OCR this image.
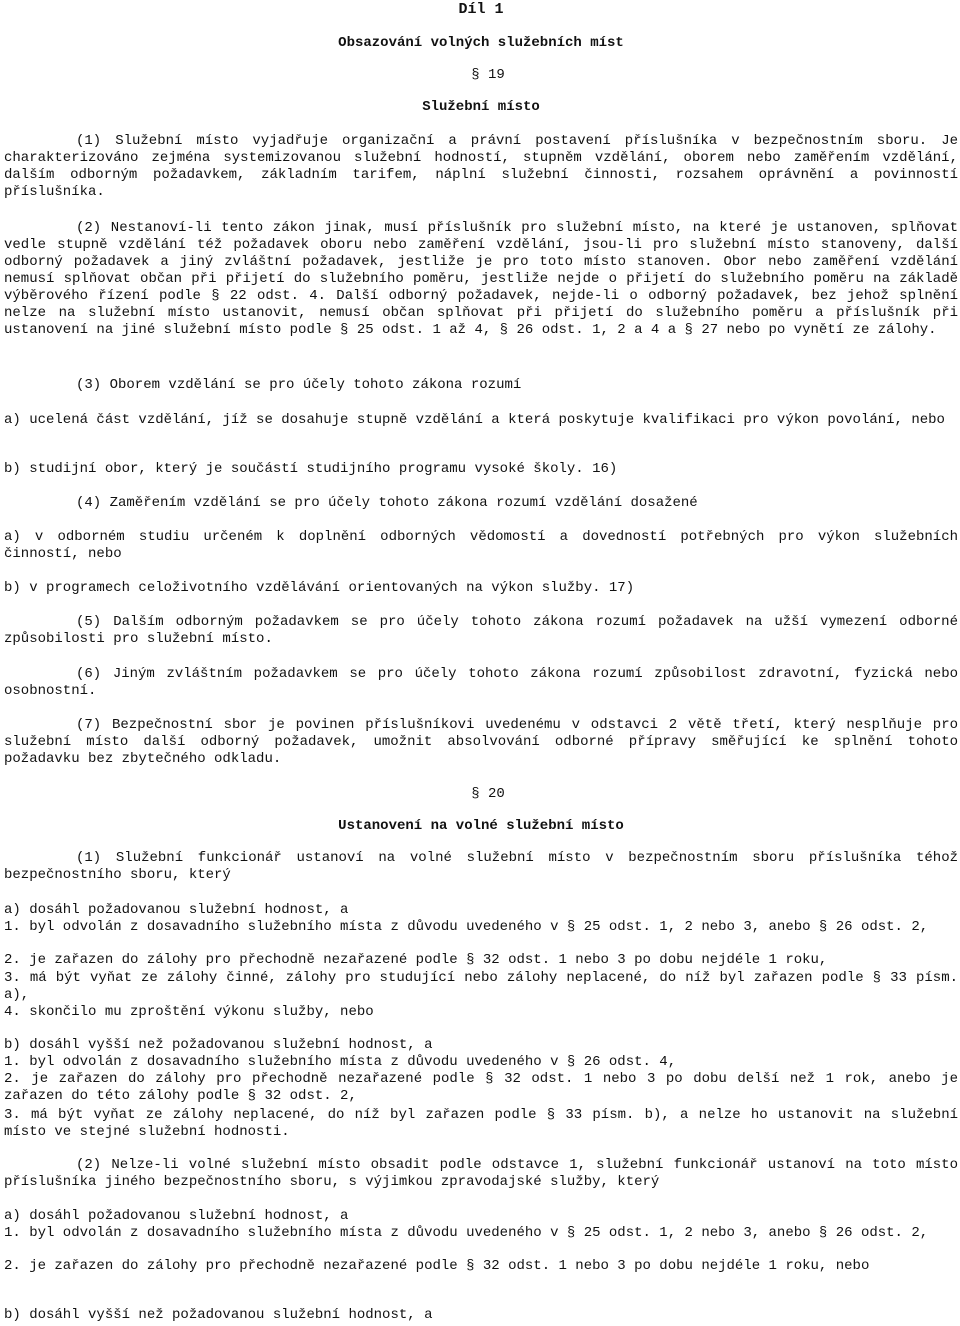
Díl 1
Obsazování volných služebních míst
§ 19
Služební místo

(1) Služební místo vyjadřuje organizační a právní postavení příslušníka v bezpečnostním sboru. Je charakterizováno zejména systemizovanou služební hodností, stupněm vzdělání, oborem nebo zaměřením vzdělání, dalším odborným požadavkem, základním tarifem, náplní služební činnosti, rozsahem oprávnění a povinností příslušníka.

(2) Nestanoví-li tento zákon jinak, musí příslušník pro služební místo, na které je ustanoven, splňovat vedle stupně vzdělání též požadavek oboru nebo zaměření vzdělání, jsou-li pro služební místo stanoveny, další odborný požadavek a jiný zvláštní požadavek, jestliže je pro toto místo stanoven. Obor nebo zaměření vzdělání nemusí splňovat občan při přijetí do služebního poměru, jestliže nejde o přijetí do služebního poměru na základě výběrového řízení podle § 22 odst. 4. Další odborný požadavek, nejde-li o odborný požadavek, bez jehož splnění nelze na služební místo ustanovit, nemusí občan splňovat při přijetí do služebního poměru a příslušník při ustanovení na jiné služební místo podle § 25 odst. 1 až 4, § 26 odst. 1, 2 a 4 a § 27 nebo po vynětí ze zálohy.

(3) Oborem vzdělání se pro účely tohoto zákona rozumí

a) ucelená část vzdělání, jíž se dosahuje stupně vzdělání a která poskytuje kvalifikaci pro výkon povolání, nebo

b) studijní obor, který je součástí studijního programu vysoké školy. 16)

(4) Zaměřením vzdělání se pro účely tohoto zákona rozumí vzdělání dosažené

a) v odborném studiu určeném k doplnění odborných vědomostí a dovedností potřebných pro výkon služebních činností, nebo

b) v programech celoživotního vzdělávání orientovaných na výkon služby. 17)

(5) Dalším odborným požadavkem se pro účely tohoto zákona rozumí požadavek na užší vymezení odborné způsobilosti pro služební místo.

(6) Jiným zvláštním požadavkem se pro účely tohoto zákona rozumí způsobilost zdravotní, fyzická nebo osobnostní.

(7) Bezpečnostní sbor je povinen příslušníkovi uvedenému v odstavci 2 větě třetí, který nesplňuje pro služební místo další odborný požadavek, umožnit absolvování odborné přípravy směřující ke splnění tohoto požadavku bez zbytečného odkladu.

§ 20
Ustanovení na volné služební místo

(1) Služební funkcionář ustanoví na volné služební místo v bezpečnostním sboru příslušníka téhož bezpečnostního sboru, který

a) dosáhl požadovanou služební hodnost, a

1. byl odvolán z dosavadního služebního místa z důvodu uvedeného v § 25 odst. 1, 2 nebo 3, anebo § 26 odst. 2,

2. je zařazen do zálohy pro přechodně nezařazené podle § 32 odst. 1 nebo 3 po dobu nejdéle 1 roku,

3. má být vyňat ze zálohy činné, zálohy pro studující nebo zálohy neplacené, do níž byl zařazen podle § 33 písm. a),

4. skončilo mu zproštění výkonu služby, nebo

b) dosáhl vyšší než požadovanou služební hodnost, a

1. byl odvolán z dosavadního služebního místa z důvodu uvedeného v § 26 odst. 4,

2. je zařazen do zálohy pro přechodně nezařazené podle § 32 odst. 1 nebo 3 po dobu delší než 1 rok, anebo je zařazen do této zálohy podle § 32 odst. 2,

3. má být vyňat ze zálohy neplacené, do níž byl zařazen podle § 33 písm. b), a nelze ho ustanovit na služební místo ve stejné služební hodnosti.

(2) Nelze-li volné služební místo obsadit podle odstavce 1, služební funkcionář ustanoví na toto místo příslušníka jiného bezpečnostního sboru, s výjimkou zpravodajské služby, který

a) dosáhl požadovanou služební hodnost, a

1. byl odvolán z dosavadního služebního místa z důvodu uvedeného v § 25 odst. 1, 2 nebo 3, anebo § 26 odst. 2,

2. je zařazen do zálohy pro přechodně nezařazené podle § 32 odst. 1 nebo 3 po dobu nejdéle 1 roku, nebo

b) dosáhl vyšší než požadovanou služební hodnost, a
